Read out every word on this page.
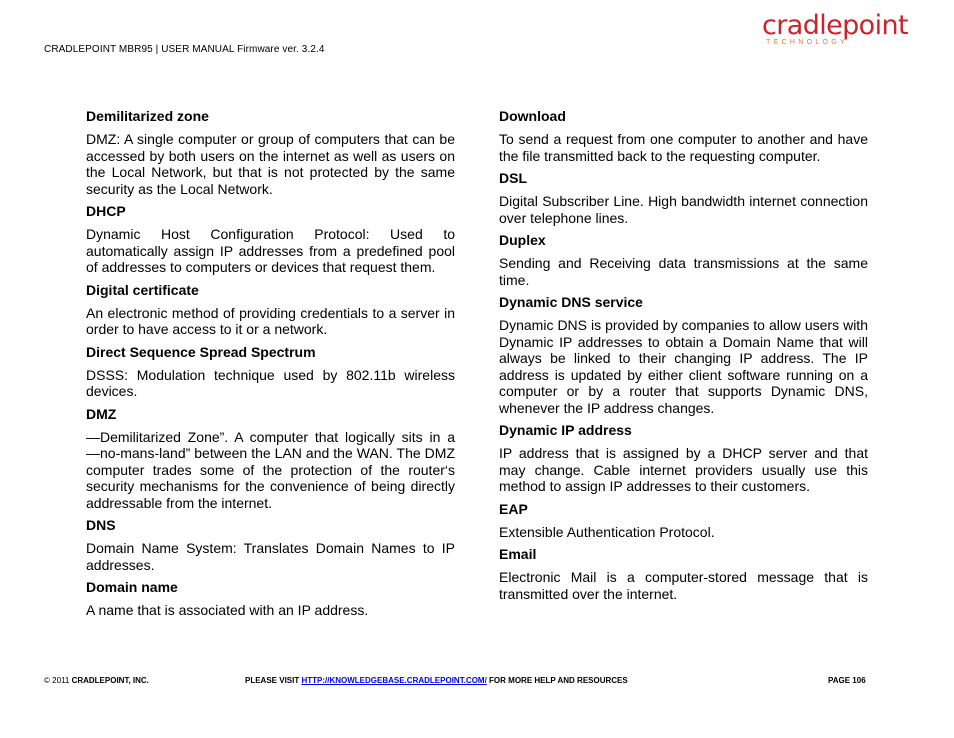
CRADLEPOINT MBR95 | USER MANUAL Firmware ver. 3.2.4
cradlepoint
TECHNOLOGY
Demilitarized zone
DMZ: A single computer or group of computers that can be accessed by both users on the internet as well as users on the Local Network, but that is not protected by the same security as the Local Network.
DHCP
Dynamic Host Configuration Protocol: Used to automatically assign IP addresses from a predefined pool of addresses to computers or devices that request them.
Digital certificate
An electronic method of providing credentials to a server in order to have access to it or a network.
Direct Sequence Spread Spectrum
DSSS: Modulation technique used by 802.11b wireless devices.
DMZ
―Demilitarized Zone”. A computer that logically sits in a ―no-mans-land” between the LAN and the WAN. The DMZ computer trades some of the protection of the router‘s security mechanisms for the convenience of being directly addressable from the internet.
DNS
Domain Name System: Translates Domain Names to IP addresses.
Domain name
A name that is associated with an IP address.
Download
To send a request from one computer to another and have the file transmitted back to the requesting computer.
DSL
Digital Subscriber Line. High bandwidth internet connection over telephone lines.
Duplex
Sending and Receiving data transmissions at the same time.
Dynamic DNS service
Dynamic DNS is provided by companies to allow users with Dynamic IP addresses to obtain a Domain Name that will always be linked to their changing IP address. The IP address is updated by either client software running on a computer or by a router that supports Dynamic DNS, whenever the IP address changes.
Dynamic IP address
IP address that is assigned by a DHCP server and that may change. Cable internet providers usually use this method to assign IP addresses to their customers.
EAP
Extensible Authentication Protocol.
Email
Electronic Mail is a computer-stored message that is transmitted over the internet.
© 2011 CRADLEPOINT, INC.	PLEASE VISIT HTTP://KNOWLEDGEBASE.CRADLEPOINT.COM/ FOR MORE HELP AND RESOURCES	PAGE 106
